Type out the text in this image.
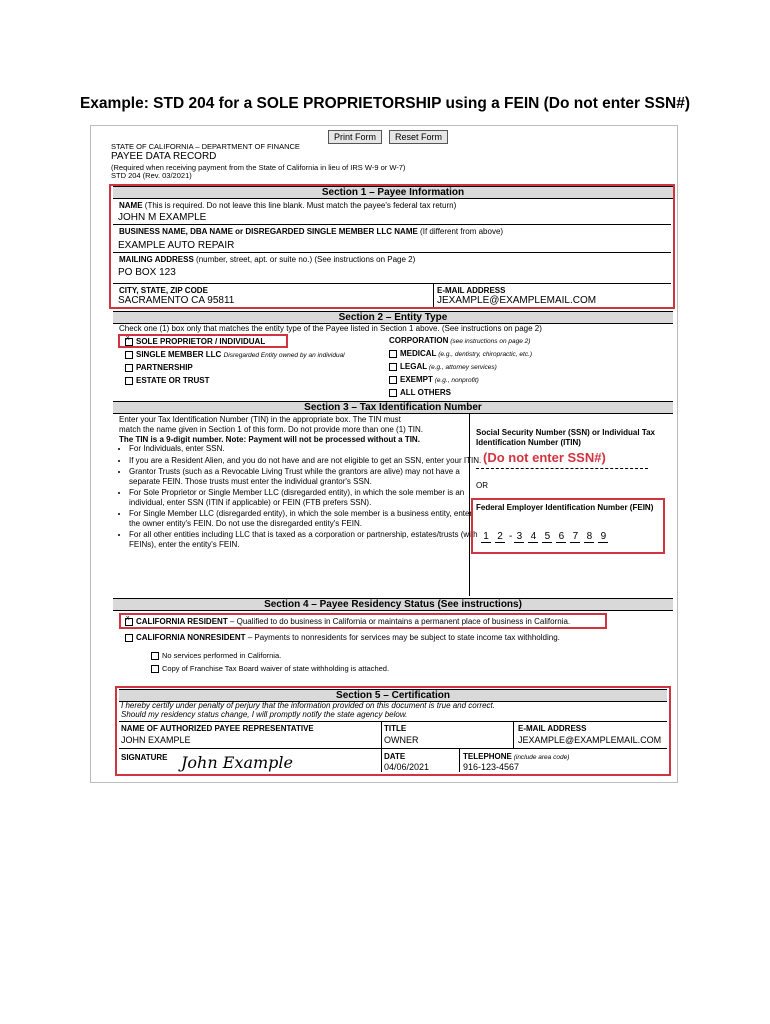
Example: STD 204 for a SOLE PROPRIETORSHIP using a FEIN (Do not enter SSN#)
Print Form	Reset Form
STATE OF CALIFORNIA – DEPARTMENT OF FINANCE
PAYEE DATA RECORD
(Required when receiving payment from the State of California in lieu of IRS W-9 or W-7)
STD 204 (Rev. 03/2021)
Section 1 – Payee Information
NAME (This is required. Do not leave this line blank. Must match the payee's federal tax return)
JOHN M EXAMPLE
BUSINESS NAME, DBA NAME or DISREGARDED SINGLE MEMBER LLC NAME (If different from above)
EXAMPLE AUTO REPAIR
MAILING ADDRESS (number, street, apt. or suite no.) (See instructions on Page 2)
PO BOX 123
CITY, STATE, ZIP CODE
SACRAMENTO CA 95811
E-MAIL ADDRESS
JEXAMPLE@EXAMPLEMAIL.COM
Section 2 – Entity Type
Check one (1) box only that matches the entity type of the Payee listed in Section 1 above. (See instructions on page 2)
xSOLE PROPRIETOR / INDIVIDUAL
SINGLE MEMBER LLC Disregarded Entity owned by an individual
PARTNERSHIP
ESTATE OR TRUST
CORPORATION (see instructions on page 2)
MEDICAL (e.g., dentistry, chiropractic, etc.)
LEGAL (e.g., attorney services)
EXEMPT (e.g., nonprofit)
ALL OTHERS
Section 3 – Tax Identification Number
Enter your Tax Identification Number (TIN) in the appropriate box. The TIN must
match the name given in Section 1 of this form. Do not provide more than one (1) TIN.
The TIN is a 9-digit number. Note: Payment will not be processed without a TIN.
• For Individuals, enter SSN.
• If you are a Resident Alien, and you do not have and are not eligible to get an SSN, enter your ITIN.
• Grantor Trusts (such as a Revocable Living Trust while the grantors are alive) may not have a separate FEIN. Those trusts must enter the individual grantor's SSN.
• For Sole Proprietor or Single Member LLC (disregarded entity), in which the sole member is an individual, enter SSN (ITIN if applicable) or FEIN (FTB prefers SSN).
• For Single Member LLC (disregarded entity), in which the sole member is a business entity, enter the owner entity's FEIN. Do not use the disregarded entity's FEIN.
• For all other entities including LLC that is taxed as a corporation or partnership, estates/trusts (with FEINs), enter the entity's FEIN.
Social Security Number (SSN) or Individual Tax Identification Number (ITIN)
(Do not enter SSN#)
OR
Federal Employer Identification Number (FEIN)
1 2 - 3 4 5 6 7 8 9
Section 4 – Payee Residency Status (See instructions)
xCALIFORNIA RESIDENT – Qualified to do business in California or maintains a permanent place of business in California.
CALIFORNIA NONRESIDENT – Payments to nonresidents for services may be subject to state income tax withholding.
No services performed in California.
Copy of Franchise Tax Board waiver of state withholding is attached.
Section 5 – Certification
I hereby certify under penalty of perjury that the information provided on this document is true and correct.
Should my residency status change, I will promptly notify the state agency below.
NAME OF AUTHORIZED PAYEE REPRESENTATIVE
JOHN EXAMPLE
TITLE
OWNER
E-MAIL ADDRESS
JEXAMPLE@EXAMPLEMAIL.COM
SIGNATURE John Example	DATE
04/06/2021
TELEPHONE (include area code)
916-123-4567
